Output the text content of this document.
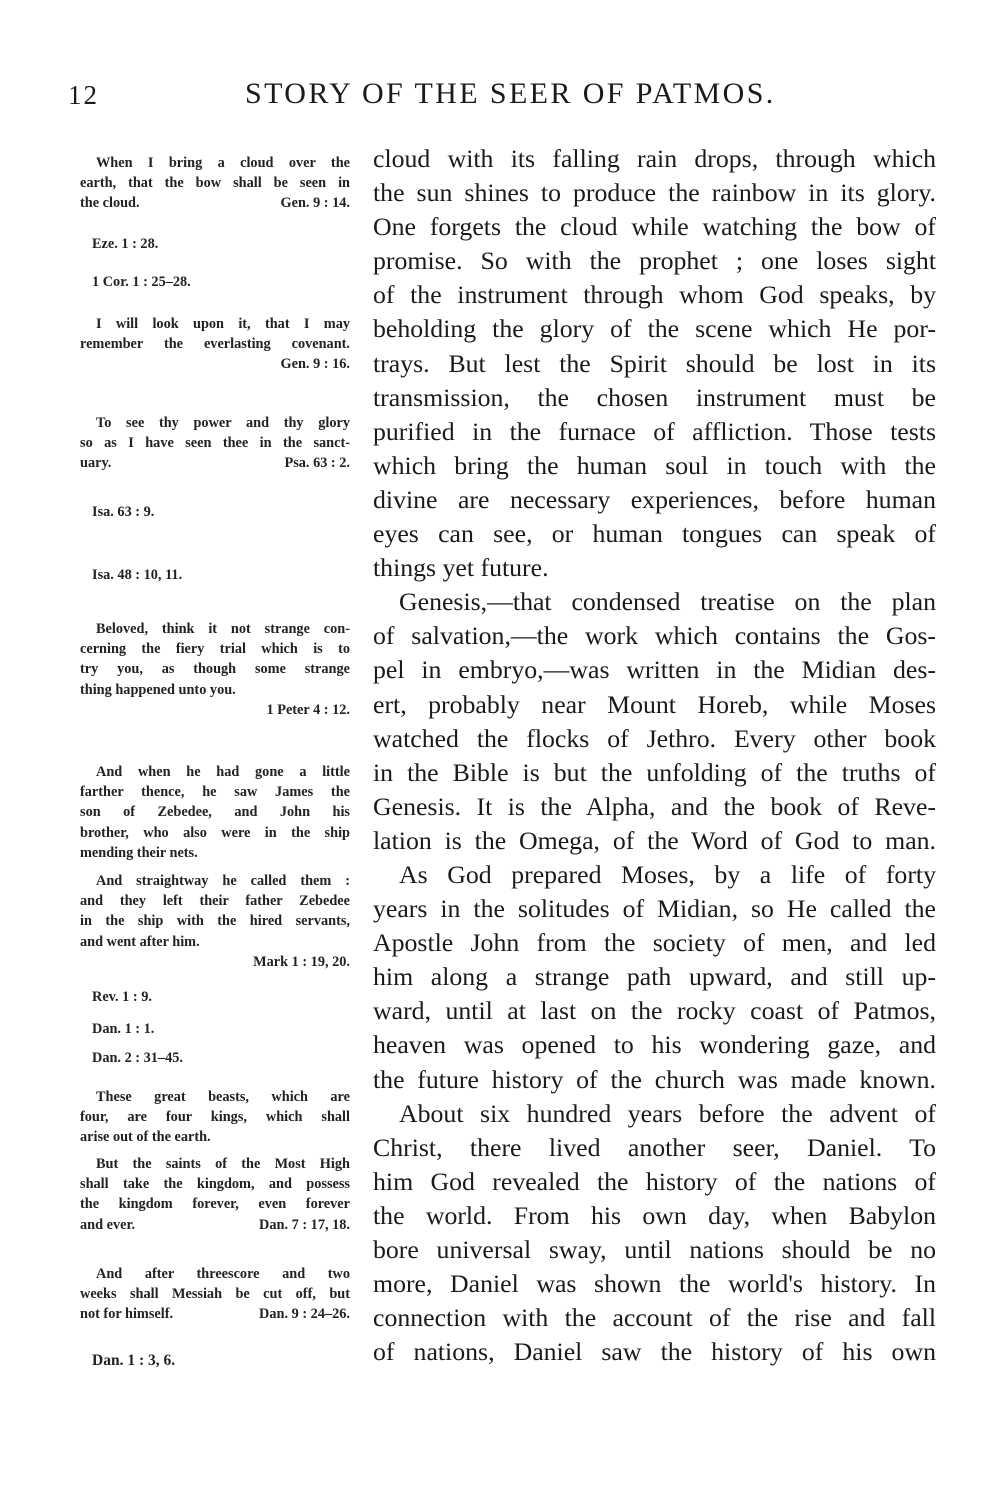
12	STORY OF THE SEER OF PATMOS.
When I bring a cloud over the
earth, that the bow shall be seen in
the cloud.	Gen. 9 : 14.
Eze. 1 : 28.
1 Cor. 1 : 25–28.
I will look upon it, that I may
remember the everlasting covenant.
Gen. 9 : 16.
To see thy power and thy glory
so as I have seen thee in the sanct-
uary.	Psa. 63 : 2.
Isa. 63 : 9.
Isa. 48 : 10, 11.
Beloved, think it not strange con-
cerning the fiery trial which is to
try you, as though some strange
thing happened unto you.
1 Peter 4 : 12.
And when he had gone a little
farther thence, he saw James the
son of Zebedee, and John his
brother, who also were in the ship
mending their nets.
And straightway he called them :
and they left their father Zebedee
in the ship with the hired servants,
and went after him.
Mark 1 : 19, 20.
Rev. 1 : 9.
Dan. 1 : 1.
Dan. 2 : 31–45.
These great beasts, which are
four, are four kings, which shall
arise out of the earth.
But the saints of the Most High
shall take the kingdom, and possess
the kingdom forever, even forever
and ever.	Dan. 7 : 17, 18.
And after threescore and two
weeks shall Messiah be cut off, but
not for himself.	Dan. 9 : 24–26.
Dan. 1 : 3, 6.
cloud with its falling rain drops, through which
the sun shines to produce the rainbow in its glory.
One forgets the cloud while watching the bow of
promise. So with the prophet ; one loses sight
of the instrument through whom God speaks, by
beholding the glory of the scene which He por-
trays. But lest the Spirit should be lost in its
transmission, the chosen instrument must be
purified in the furnace of affliction. Those tests
which bring the human soul in touch with the
divine are necessary experiences, before human
eyes can see, or human tongues can speak of
things yet future.
Genesis,—that condensed treatise on the plan
of salvation,—the work which contains the Gos-
pel in embryo,—was written in the Midian des-
ert, probably near Mount Horeb, while Moses
watched the flocks of Jethro. Every other book
in the Bible is but the unfolding of the truths of
Genesis. It is the Alpha, and the book of Reve-
lation is the Omega, of the Word of God to man.
As God prepared Moses, by a life of forty
years in the solitudes of Midian, so He called the
Apostle John from the society of men, and led
him along a strange path upward, and still up-
ward, until at last on the rocky coast of Patmos,
heaven was opened to his wondering gaze, and
the future history of the church was made known.
About six hundred years before the advent of
Christ, there lived another seer, Daniel. To
him God revealed the history of the nations of
the world. From his own day, when Babylon
bore universal sway, until nations should be no
more, Daniel was shown the world's history. In
connection with the account of the rise and fall
of nations, Daniel saw the history of his own
